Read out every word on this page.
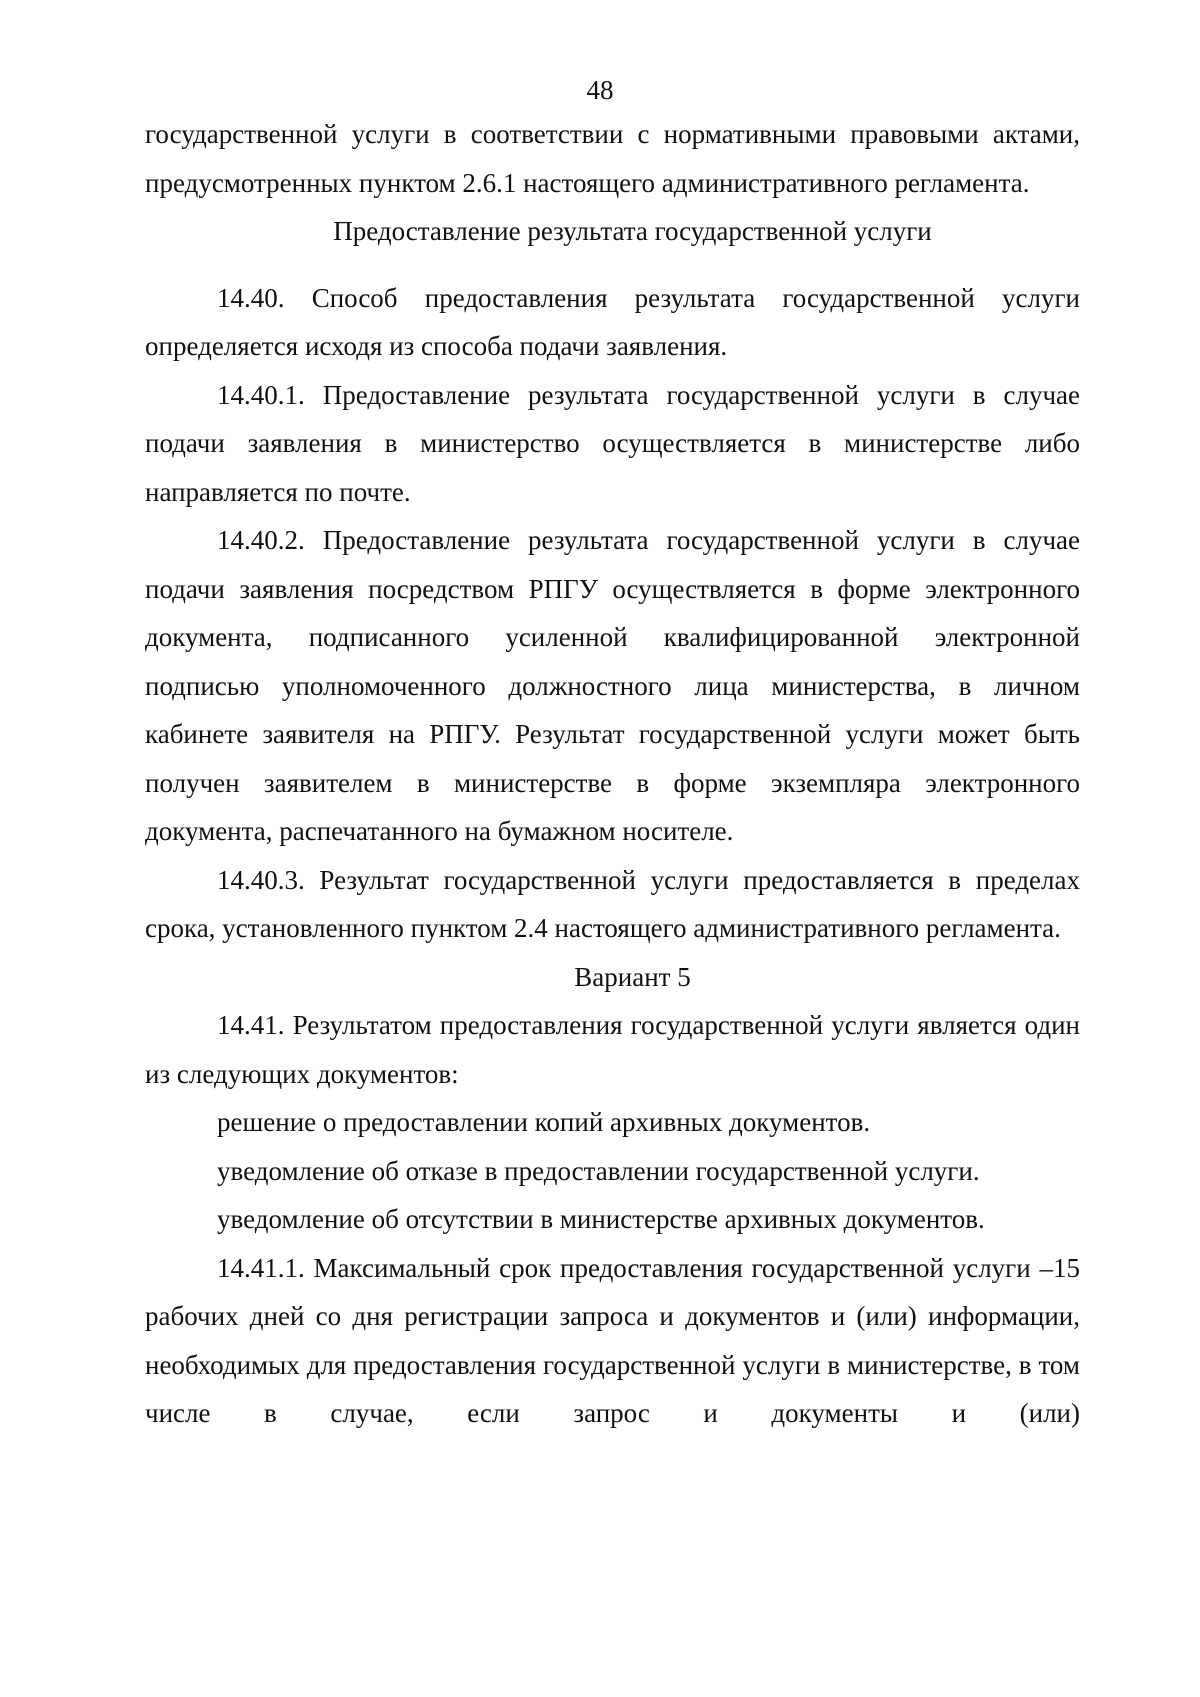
48

государственной услуги в соответствии с нормативными правовыми актами, предусмотренных пунктом 2.6.1 настоящего административного регламента.

Предоставление результата государственной услуги

14.40. Способ предоставления результата государственной услуги определяется исходя из способа подачи заявления.

14.40.1. Предоставление результата государственной услуги в случае подачи заявления в министерство осуществляется в министерстве либо направляется по почте.

14.40.2. Предоставление результата государственной услуги в случае подачи заявления посредством РПГУ осуществляется в форме электронного документа, подписанного усиленной квалифицированной электронной подписью уполномоченного должностного лица министерства, в личном кабинете заявителя на РПГУ. Результат государственной услуги может быть получен заявителем в министерстве в форме экземпляра электронного документа, распечатанного на бумажном носителе.

14.40.3. Результат государственной услуги предоставляется в пределах срока, установленного пунктом 2.4 настоящего административного регламента.

Вариант 5

14.41. Результатом предоставления государственной услуги является один из следующих документов:

решение о предоставлении копий архивных документов.

уведомление об отказе в предоставлении государственной услуги.

уведомление об отсутствии в министерстве архивных документов.

14.41.1. Максимальный срок предоставления государственной услуги –15 рабочих дней со дня регистрации запроса и документов и (или) информации, необходимых для предоставления государственной услуги в министерстве, в том числе в случае, если запрос и документы и (или)
